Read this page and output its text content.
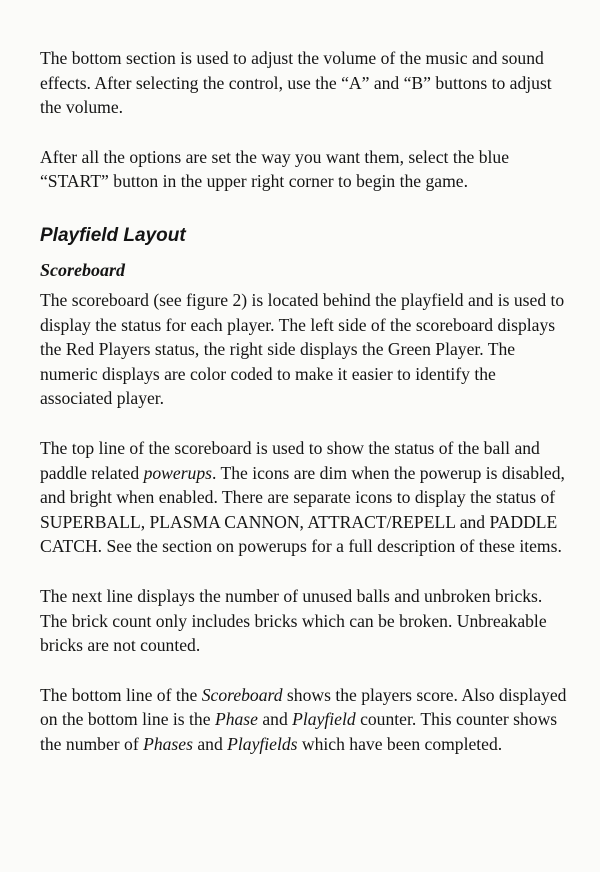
The bottom section is used to adjust the volume of the music and sound effects. After selecting the control, use the “A” and “B” buttons to adjust the volume.

After all the options are set the way you want them, select the blue “START” button in the upper right corner to begin the game.

Playfield Layout
Scoreboard

The scoreboard (see figure 2) is located behind the playfield and is used to display the status for each player. The left side of the scoreboard displays the Red Players status, the right side displays the Green Player. The numeric displays are color coded to make it easier to identify the associated player.

The top line of the scoreboard is used to show the status of the ball and paddle related powerups. The icons are dim when the powerup is disabled, and bright when enabled. There are separate icons to display the status of SUPERBALL, PLASMA CANNON, ATTRACT/REPELL and PADDLE CATCH. See the section on powerups for a full description of these items.

The next line displays the number of unused balls and unbroken bricks. The brick count only includes bricks which can be broken. Unbreakable bricks are not counted.

The bottom line of the Scoreboard shows the players score. Also displayed on the bottom line is the Phase and Playfield counter. This counter shows the number of Phases and Playfields which have been completed.
